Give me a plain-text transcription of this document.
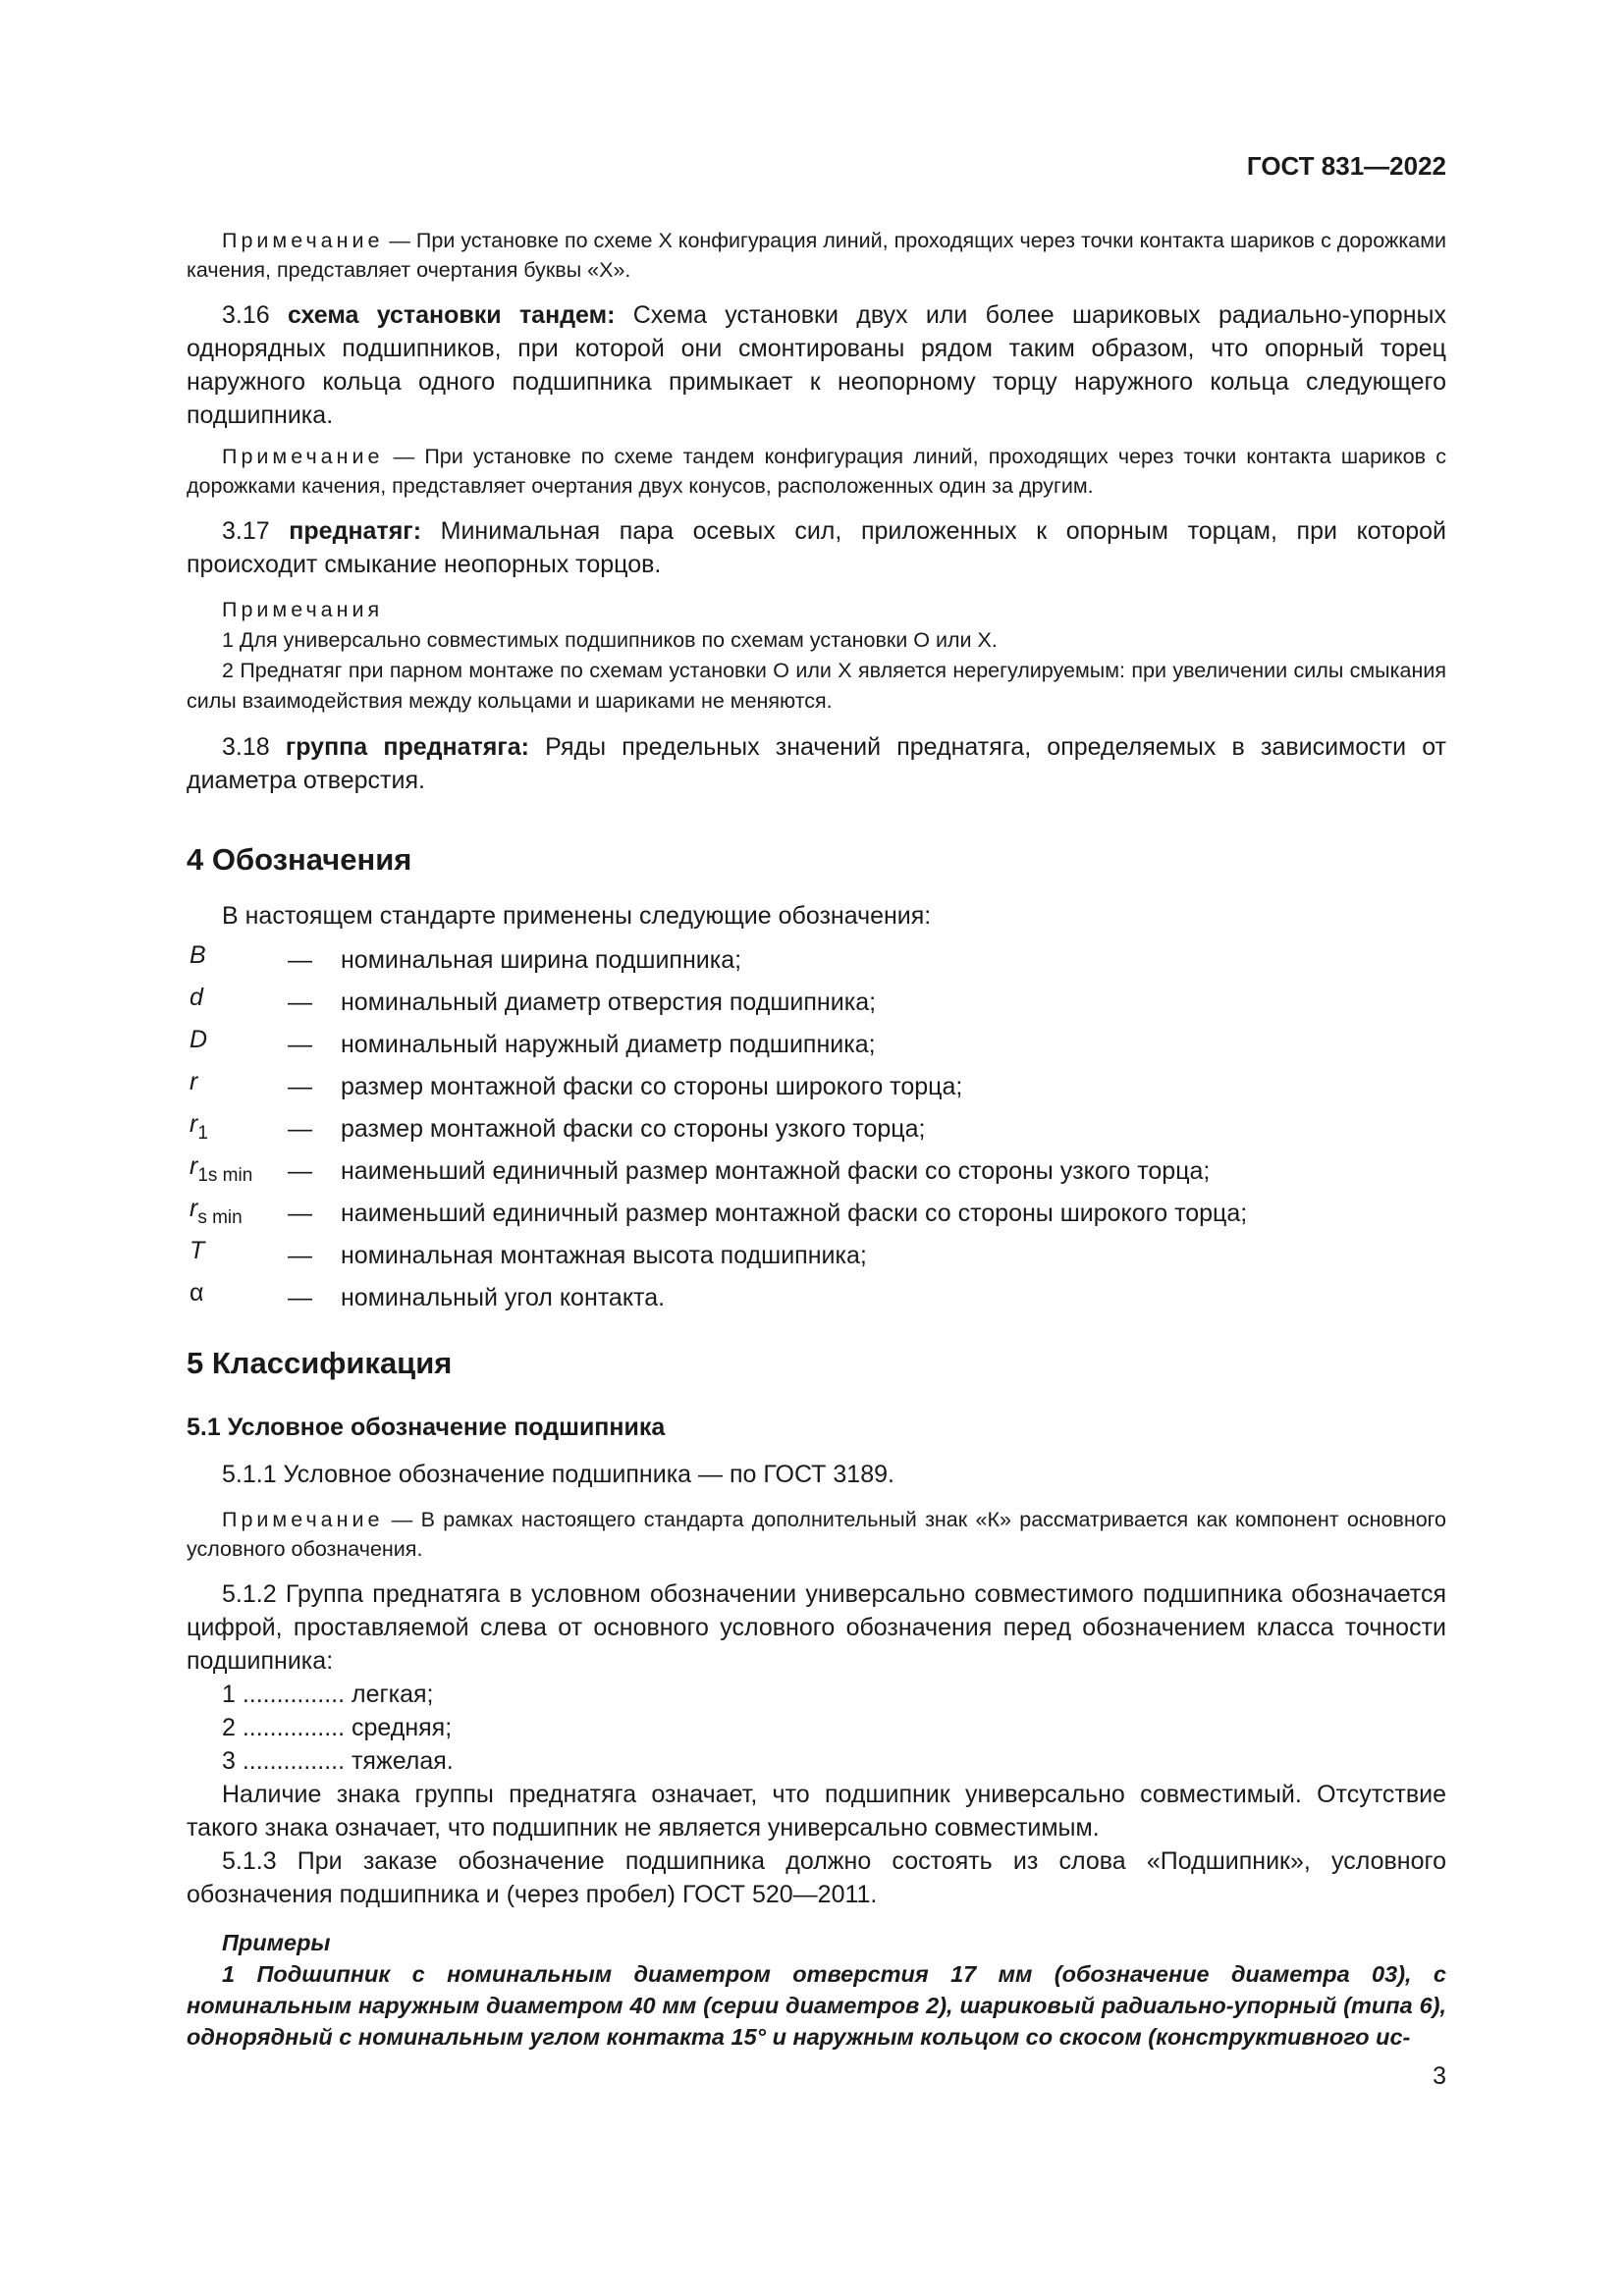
ГОСТ 831—2022

Примечание — При установке по схеме X конфигурация линий, проходящих через точки контакта шариков с дорожками качения, представляет очертания буквы «X».

3.16 схема установки тандем: Схема установки двух или более шариковых радиально-упорных однорядных подшипников, при которой они смонтированы рядом таким образом, что опорный торец наружного кольца одного подшипника примыкает к неопорному торцу наружного кольца следующего подшипника.

Примечание — При установке по схеме тандем конфигурация линий, проходящих через точки контакта шариков с дорожками качения, представляет очертания двух конусов, расположенных один за другим.

3.17 преднатяг: Минимальная пара осевых сил, приложенных к опорным торцам, при которой происходит смыкание неопорных торцов.

Примечания

1 Для универсально совместимых подшипников по схемам установки О или X.

2 Преднатяг при парном монтаже по схемам установки О или X является нерегулируемым: при увеличении силы смыкания силы взаимодействия между кольцами и шариками не меняются.

3.18 группа преднатяга: Ряды предельных значений преднатяга, определяемых в зависимости от диаметра отверстия.

4 Обозначения

В настоящем стандарте применены следующие обозначения:

B	—	номинальная ширина подшипника;
d	—	номинальный диаметр отверстия подшипника;
D	—	номинальный наружный диаметр подшипника;
r	—	размер монтажной фаски со стороны широкого торца;
$r_1$	—	размер монтажной фаски со стороны узкого торца;
$r_{1s min}$	—	наименьший единичный размер монтажной фаски со стороны узкого торца;
$r_{s min}$	—	наименьший единичный размер монтажной фаски со стороны широкого торца;
T	—	номинальная монтажная высота подшипника;
α	—	номинальный угол контакта.
5 Классификация
5.1 Условное обозначение подшипника

5.1.1 Условное обозначение подшипника — по ГОСТ 3189.

Примечание — В рамках настоящего стандарта дополнительный знак «К» рассматривается как компонент основного условного обозначения.

5.1.2 Группа преднатяга в условном обозначении универсально совместимого подшипника обозначается цифрой, проставляемой слева от основного условного обозначения перед обозначением класса точности подшипника:

1 ............... легкая;

2 ............... средняя;

3 ............... тяжелая.

Наличие знака группы преднатяга означает, что подшипник универсально совместимый. Отсутствие такого знака означает, что подшипник не является универсально совместимым.

5.1.3 При заказе обозначение подшипника должно состоять из слова «Подшипник», условного обозначения подшипника и (через пробел) ГОСТ 520—2011.

Примеры

1 Подшипник с номинальным диаметром отверстия 17 мм (обозначение диаметра 03), с номинальным наружным диаметром 40 мм (серии диаметров 2), шариковый радиально-упорный (типа 6), однорядный с номинальным углом контакта 15° и наружным кольцом со скосом (конструктивного ис-

3
